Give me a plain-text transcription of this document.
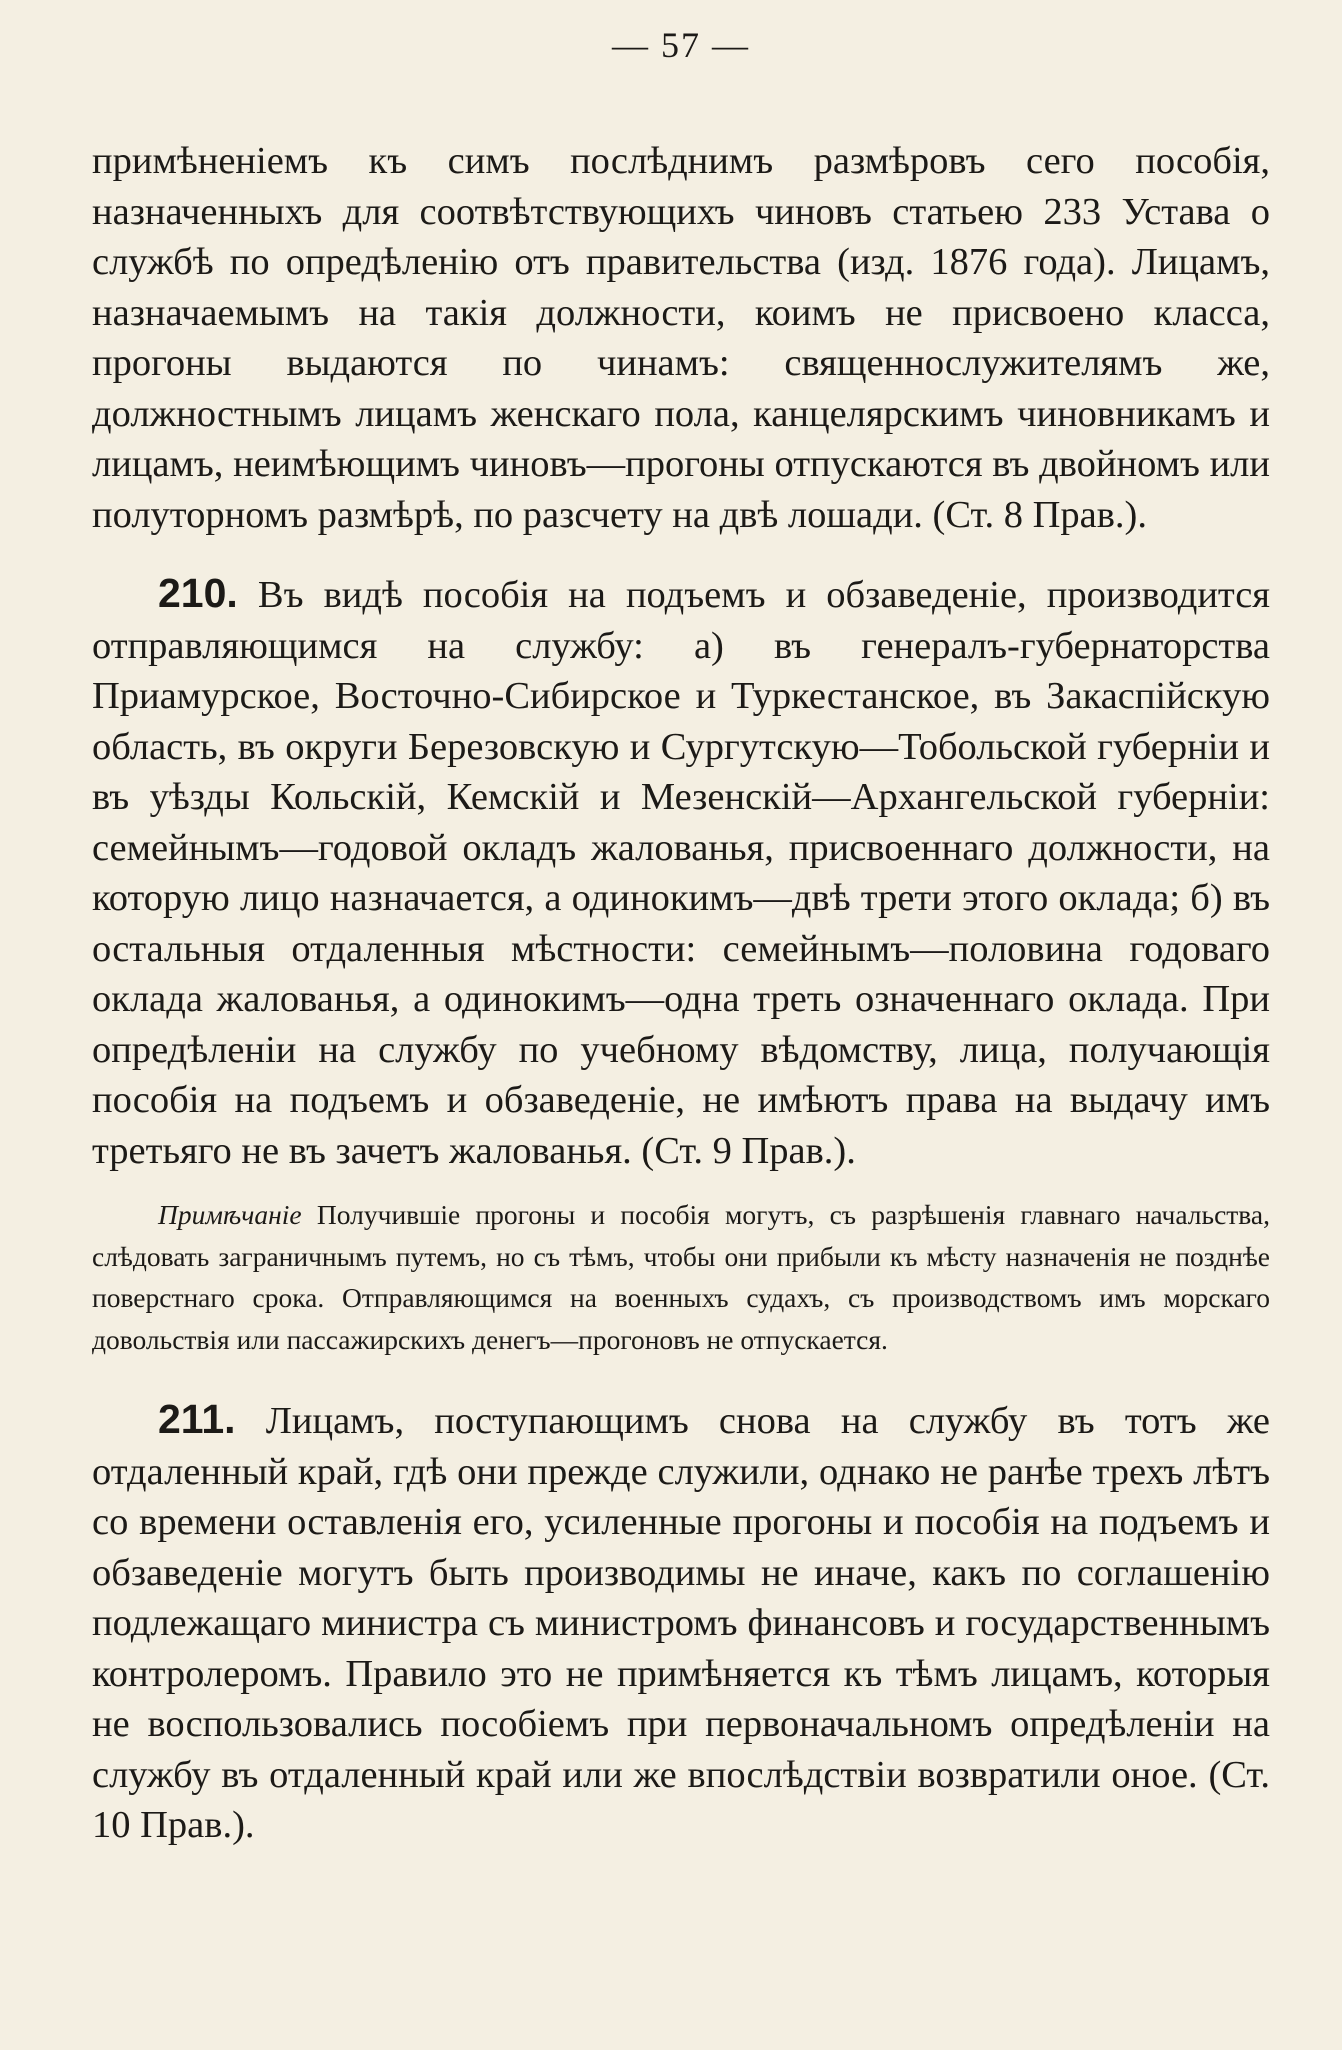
— 57 —

примѣненіемъ къ симъ послѣднимъ размѣровъ сего пособія, назначенныхъ для соотвѣтствующихъ чиновъ статьею 233 Устава о службѣ по опредѣленію отъ правительства (изд. 1876 года). Лицамъ, назначаемымъ на такія должности, коимъ не присвоено класса, прогоны выдаются по чинамъ: священнослужителямъ же, должностнымъ лицамъ женскаго пола, канцелярскимъ чиновникамъ и лицамъ, неимѣющимъ чиновъ—прогоны отпускаются въ двойномъ или полуторномъ размѣрѣ, по разсчету на двѣ лошади. (Ст. 8 Прав.).

210. Въ видѣ пособія на подъемъ и обзаведеніе, производится отправляющимся на службу: а) въ генералъ-губернаторства Приамурское, Восточно-Сибирское и Туркестанское, въ Закаспійскую область, въ округи Березовскую и Сургутскую—Тобольской губерніи и въ уѣзды Кольскій, Кемскій и Мезенскій—Архангельской губерніи: семейнымъ—годовой окладъ жалованья, присвоеннаго должности, на которую лицо назначается, а одинокимъ—двѣ трети этого оклада; б) въ остальныя отдаленныя мѣстности: семейнымъ—половина годоваго оклада жалованья, а одинокимъ—одна треть означеннаго оклада. При опредѣленіи на службу по учебному вѣдомству, лица, получающія пособія на подъемъ и обзаведеніе, не имѣютъ права на выдачу имъ третьяго не въ зачетъ жалованья. (Ст. 9 Прав.).

Примѣчаніе Получившіе прогоны и пособія могутъ, съ разрѣшенія главнаго начальства, слѣдовать заграничнымъ путемъ, но съ тѣмъ, чтобы они прибыли къ мѣсту назначенія не позднѣе поверстнаго срока. Отправляющимся на военныхъ судахъ, съ производствомъ имъ морскаго довольствія или пассажирскихъ денегъ—прогоновъ не отпускается.

211. Лицамъ, поступающимъ снова на службу въ тотъ же отдаленный край, гдѣ они прежде служили, однако не ранѣе трехъ лѣтъ со времени оставленія его, усиленные прогоны и пособія на подъемъ и обзаведеніе могутъ быть производимы не иначе, какъ по соглашенію подлежащаго министра съ министромъ финансовъ и государственнымъ контролеромъ. Правило это не примѣняется къ тѣмъ лицамъ, которыя не воспользовались пособіемъ при первоначальномъ опредѣленіи на службу въ отдаленный край или же впослѣдствіи возвратили оное. (Ст. 10 Прав.).
